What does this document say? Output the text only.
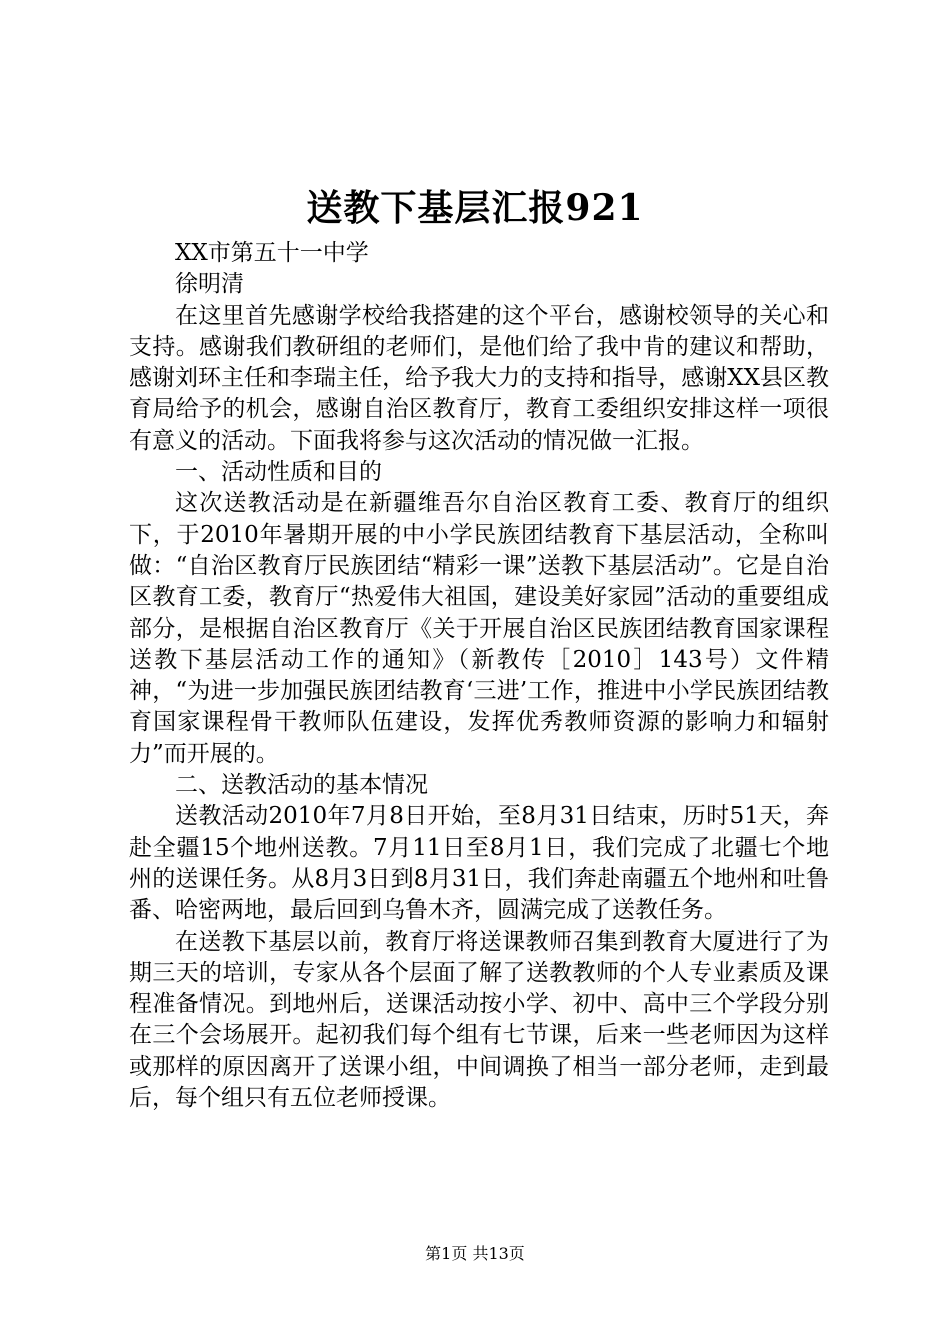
送教下基层汇报921

XX市第五十一中学

徐明清

在这里首先感谢学校给我搭建的这个平台，感谢校领导的关心和支持。感谢我们教研组的老师们，是他们给了我中肯的建议和帮助，感谢刘环主任和李瑞主任，给予我大力的支持和指导，感谢XX县区教育局给予的机会，感谢自治区教育厅，教育工委组织安排这样一项很有意义的活动。下面我将参与这次活动的情况做一汇报。

一、活动性质和目的

这次送教活动是在新疆维吾尔自治区教育工委、教育厅的组织下，于2010年暑期开展的中小学民族团结教育下基层活动，全称叫做：“自治区教育厅民族团结“精彩一课”送教下基层活动”。它是自治区教育工委，教育厅“热爱伟大祖国，建设美好家园”活动的重要组成部分，是根据自治区教育厅《关于开展自治区民族团结教育国家课程送教下基层活动工作的通知》（新教传［2010］143号）文件精神，“为进一步加强民族团结教育‘三进’工作，推进中小学民族团结教育国家课程骨干教师队伍建设，发挥优秀教师资源的影响力和辐射力”而开展的。

二、送教活动的基本情况

送教活动2010年7月8日开始，至8月31日结束，历时51天，奔赴全疆15个地州送教。7月11日至8月1日，我们完成了北疆七个地州的送课任务。从8月3日到8月31日，我们奔赴南疆五个地州和吐鲁番、哈密两地，最后回到乌鲁木齐，圆满完成了送教任务。

在送教下基层以前，教育厅将送课教师召集到教育大厦进行了为期三天的培训，专家从各个层面了解了送教教师的个人专业素质及课程准备情况。到地州后，送课活动按小学、初中、高中三个学段分别在三个会场展开。起初我们每个组有七节课，后来一些老师因为这样或那样的原因离开了送课小组，中间调换了相当一部分老师，走到最后，每个组只有五位老师授课。

第1页 共13页
